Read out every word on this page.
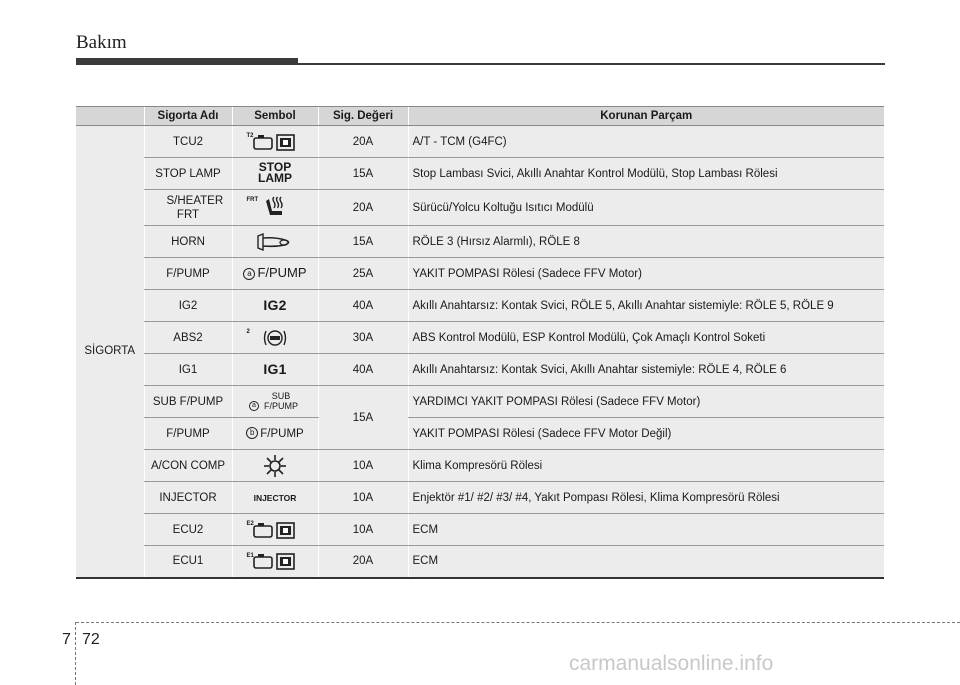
Bakım
	Sigorta Adı	Sembol	Sig. Değeri	Korunan Parçam
SİGORTA	TCU2	T2	20A	A/T - TCM (G4FC)
	STOP LAMP	STOP LAMP	15A	Stop Lambası Svici, Akıllı Anahtar Kontrol Modülü, Stop Lambası Rölesi
	S/HEATER FRT	FRT	20A	Sürücü/Yolcu Koltuğu Isıtıcı Modülü
	HORN		15A	RÖLE 3 (Hırsız Alarmlı), RÖLE 8
	F/PUMP	a F/PUMP	25A	YAKIT POMPASI Rölesi (Sadece FFV Motor)
	IG2	IG2	40A	Akıllı Anahtarsız: Kontak Svici, RÖLE 5, Akıllı Anahtar sistemiyle: RÖLE 5, RÖLE 9
	ABS2	2	30A	ABS Kontrol Modülü, ESP Kontrol Modülü, Çok Amaçlı Kontrol Soketi
	IG1	IG1	40A	Akıllı Anahtarsız: Kontak Svici, Akıllı Anahtar sistemiyle: RÖLE 4, RÖLE 6
	SUB F/PUMP	aSUB F/PUMP	15A	YARDIMCI YAKIT POMPASI Rölesi (Sadece FFV Motor)
	F/PUMP	b F/PUMP		YAKIT POMPASI Rölesi (Sadece FFV Motor Değil)
	A/CON COMP		10A	Klima Kompresörü Rölesi
	INJECTOR	INJECTOR	10A	Enjektör #1/ #2/ #3/ #4, Yakıt Pompası Rölesi, Klima Kompresörü Rölesi
	ECU2	E2	10A	ECM
	ECU1	E1	20A	ECM
7 72
carmanualsonline.info
